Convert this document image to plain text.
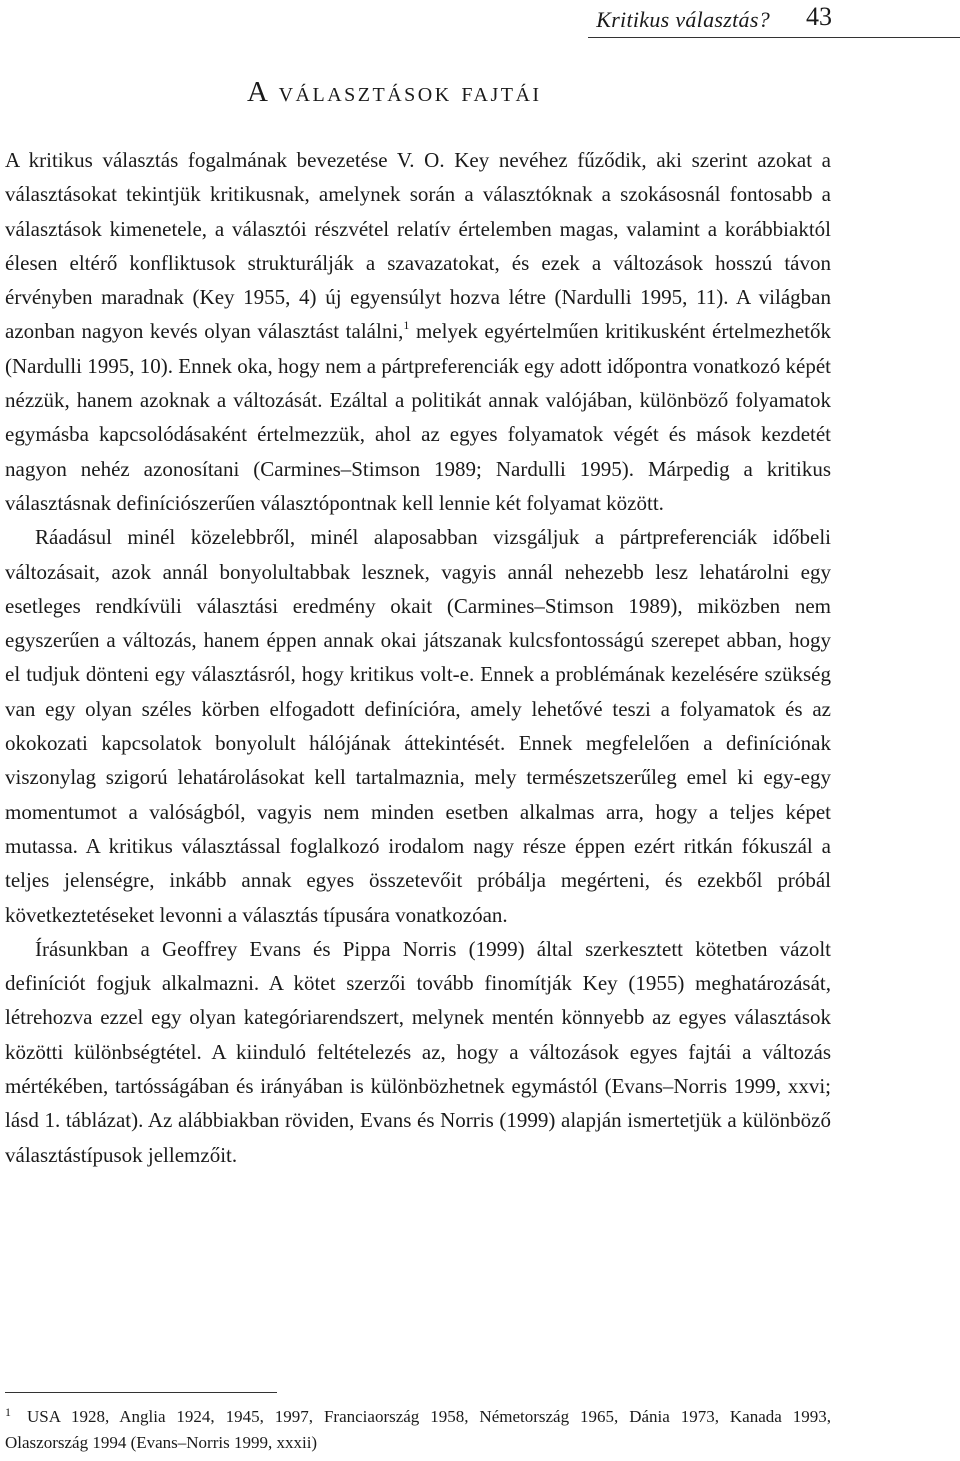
Kritikus választás? 43
A választások fajtái

A kritikus választás fogalmának bevezetése V. O. Key nevéhez fűződik, aki szerint azokat a választásokat tekintjük kritikusnak, amelynek során a választóknak a szokásosnál fontosabb a választások kimenetele, a választói részvétel relatív értelemben magas, valamint a korábbiaktól élesen eltérő konfliktusok strukturálják a szavazatokat, és ezek a változások hosszú távon érvényben maradnak (Key 1955, 4) új egyensúlyt hozva létre (Nardulli 1995, 11). A világban azonban nagyon kevés olyan választást találni,$^1$ melyek egyértelműen kritikusként értelmezhetők (Nardulli 1995, 10). Ennek oka, hogy nem a pártpreferenciák egy adott időpontra vonatkozó képét nézzük, hanem azoknak a változását. Ezáltal a politikát annak valójában, különböző folyamatok egymásba kapcsolódásaként értelmezzük, ahol az egyes folyamatok végét és mások kezdetét nagyon nehéz azonosítani (Carmines–Stimson 1989; Nardulli 1995). Márpedig a kritikus választásnak definíciószerűen választópontnak kell lennie két folyamat között.

Ráadásul minél közelebbről, minél alaposabban vizsgáljuk a pártpreferenciák időbeli változásait, azok annál bonyolultabbak lesznek, vagyis annál nehezebb lesz lehatárolni egy esetleges rendkívüli választási eredmény okait (Carmines–Stimson 1989), miközben nem egyszerűen a változás, hanem éppen annak okai játszanak kulcsfontosságú szerepet abban, hogy el tudjuk dönteni egy választásról, hogy kritikus volt-e. Ennek a problémának kezelésére szükség van egy olyan széles körben elfogadott definícióra, amely lehetővé teszi a folyamatok és az okokozati kapcsolatok bonyolult hálójának áttekintését. Ennek megfelelően a definíciónak viszonylag szigorú lehatárolásokat kell tartalmaznia, mely természetszerűleg emel ki egy-egy momentumot a valóságból, vagyis nem minden esetben alkalmas arra, hogy a teljes képet mutassa. A kritikus választással foglalkozó irodalom nagy része éppen ezért ritkán fókuszál a teljes jelenségre, inkább annak egyes összetevőit próbálja megérteni, és ezekből próbál következtetéseket levonni a választás típusára vonatkozóan.

Írásunkban a Geoffrey Evans és Pippa Norris (1999) által szerkesztett kötetben vázolt definíciót fogjuk alkalmazni. A kötet szerzői tovább finomítják Key (1955) meghatározását, létrehozva ezzel egy olyan kategóriarendszert, melynek mentén könnyebb az egyes választások közötti különbségtétel. A kiinduló feltételezés az, hogy a változások egyes fajtái a változás mértékében, tartósságában és irányában is különbözhetnek egymástól (Evans–Norris 1999, xxvi; lásd 1. táblázat). Az alábbiakban röviden, Evans és Norris (1999) alapján ismertetjük a különböző választástípusok jellemzőit.

1 USA 1928, Anglia 1924, 1945, 1997, Franciaország 1958, Németország 1965, Dánia 1973, Kanada 1993, Olaszország 1994 (Evans–Norris 1999, xxxii)
